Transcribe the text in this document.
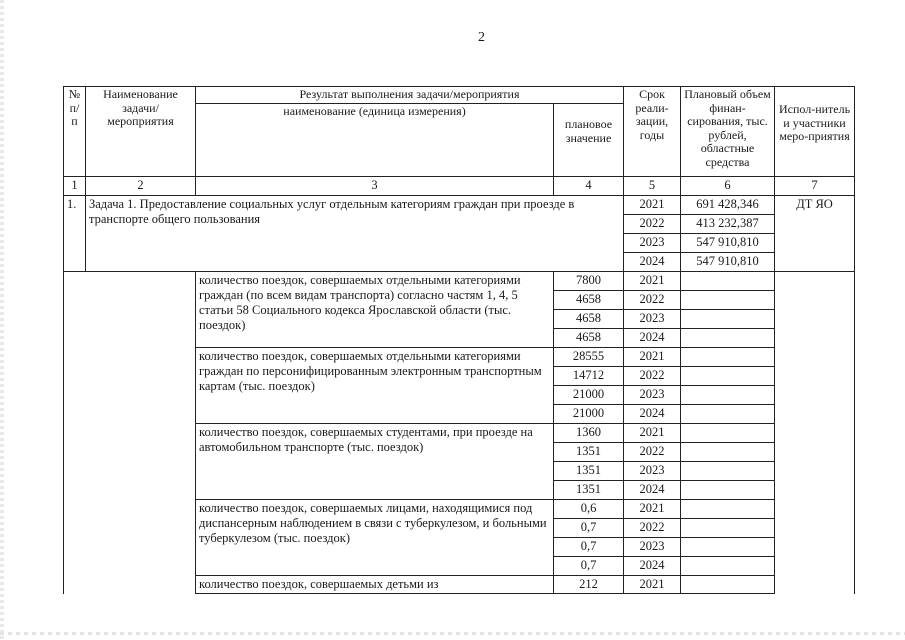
2
№ п/п	Наименование задачи/ мероприятия	Результат выполнения задачи/мероприятия		Срок реали-зации, годы	Плановый объем финан-сирования, тыс. рублей, областные средства	Испол-нитель и участники меро-приятия
		наименование (единица измерения)	плановое значение			
1	2	3	4	5	6	7
1.	Задача 1. Предоставление социальных услуг отдельным категориям граждан при проезде в транспорте общего пользования			2021	691 428,346	ДТ ЯО
				2022	413 232,387	
				2023	547 910,810	
				2024	547 910,810	
		количество поездок, совершаемых отдельными категориями граждан (по всем видам транспорта) согласно частям 1, 4, 5 статьи 58 Социального кодекса Ярославской области (тыс. поездок)	7800	2021		
			4658	2022		
			4658	2023		
			4658	2024		
		количество поездок, совершаемых отдельными категориями граждан по персонифицированным электронным транспортным картам (тыс. поездок)	28555	2021		
			14712	2022		
			21000	2023		
			21000	2024		
		количество поездок, совершаемых студентами, при проезде на автомобильном транспорте (тыс. поездок)	1360	2021		
			1351	2022		
			1351	2023		
			1351	2024		
		количество поездок, совершаемых лицами, находящимися под диспансерным наблюдением в связи с туберкулезом, и больными туберкулезом (тыс. поездок)	0,6	2021		
			0,7	2022		
			0,7	2023		
			0,7	2024		
		количество поездок, совершаемых детьми из	212	2021		
